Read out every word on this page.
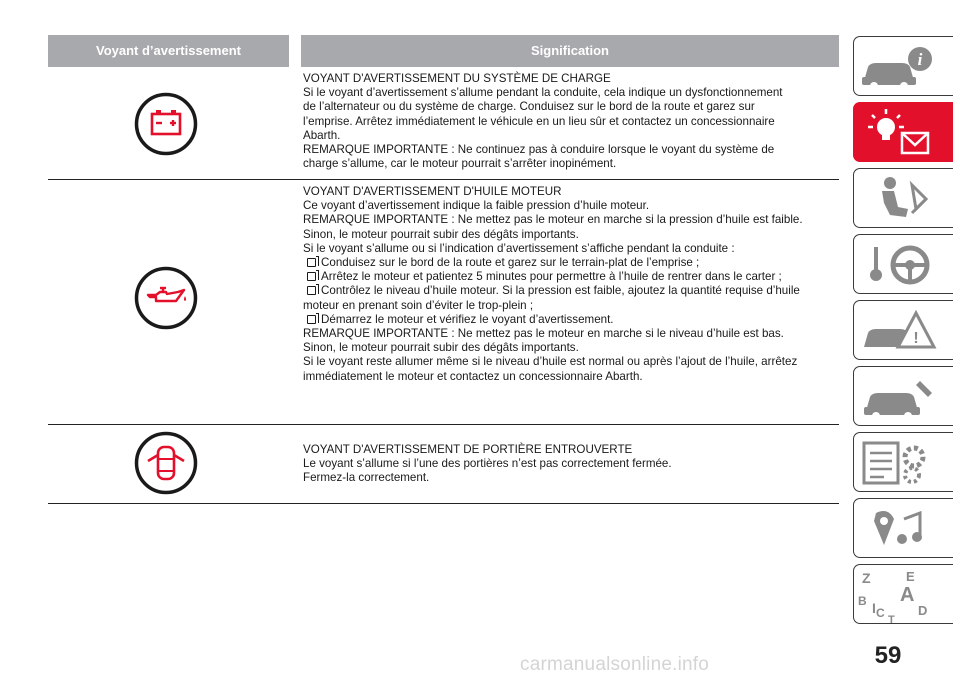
Voyant d’avertissement	Signification

VOYANT D'AVERTISSEMENT DU SYSTÈME DE CHARGE

Si le voyant d’avertissement s’allume pendant la conduite, cela indique un dysfonctionnement

de l’alternateur ou du système de charge. Conduisez sur le bord de la route et garez sur

l’emprise. Arrêtez immédiatement le véhicule en un lieu sûr et contactez un concessionnaire

Abarth.

REMARQUE IMPORTANTE : Ne continuez pas à conduire lorsque le voyant du système de

charge s’allume, car le moteur pourrait s’arrêter inopinément.

VOYANT D'AVERTISSEMENT D'HUILE MOTEUR

Ce voyant d’avertissement indique la faible pression d’huile moteur.

REMARQUE IMPORTANTE : Ne mettez pas le moteur en marche si la pression d’huile est faible.

Sinon, le moteur pourrait subir des dégâts importants.

Si le voyant s’allume ou si l’indication d’avertissement s’affiche pendant la conduite :

Conduisez sur le bord de la route et garez sur le terrain-plat de l’emprise ;

Arrêtez le moteur et patientez 5 minutes pour permettre à l’huile de rentrer dans le carter ;

Contrôlez le niveau d’huile moteur. Si la pression est faible, ajoutez la quantité requise d’huile

moteur en prenant soin d’éviter le trop-plein ;

Démarrez le moteur et vérifiez le voyant d’avertissement.

REMARQUE IMPORTANTE : Ne mettez pas le moteur en marche si le niveau d’huile est bas.

Sinon, le moteur pourrait subir des dégâts importants.

Si le voyant reste allumer même si le niveau d’huile est normal ou après l’ajout de l’huile, arrêtez

immédiatement le moteur et contactez un concessionnaire Abarth.

VOYANT D'AVERTISSEMENT DE PORTIÈRE ENTROUVERTE

Le voyant s’allume si l’une des portières n’est pas correctement fermée.

Fermez-la correctement.

i
!
Z	E
A
B
C	D
T
I
59
carmanualsonline.info
